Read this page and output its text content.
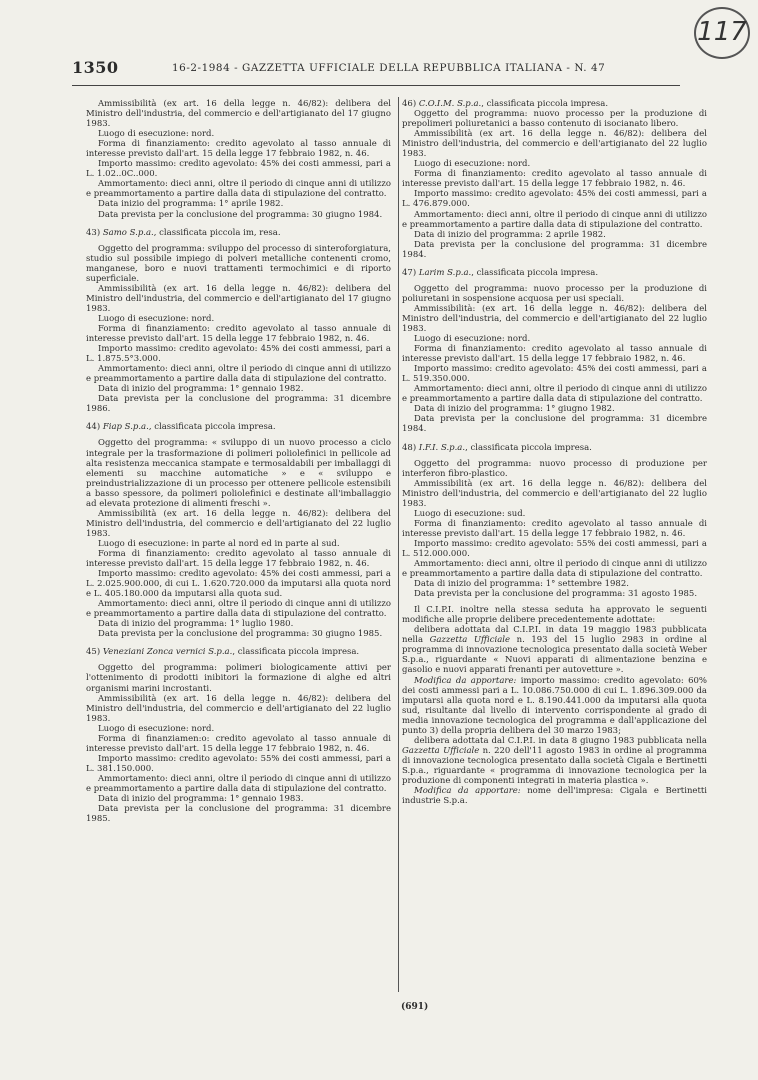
1350	16-2-1984 - GAZZETTA UFFICIALE DELLA REPUBBLICA ITALIANA - N. 47
117

Ammissibilità (ex art. 16 della legge n. 46/82): delibera del Ministro dell'industria, del commercio e dell'artigianato del 17 giugno 1983.

Luogo di esecuzione: nord.

Forma di finanziamento: credito agevolato al tasso annuale di interesse previsto dall'art. 15 della legge 17 febbraio 1982, n. 46.

Importo massimo: credito agevolato: 45% dei costi ammessi, pari a L. 1.02..0C..000.

Ammortamento: dieci anni, oltre il periodo di cinque anni di utilizzo e preammortamento a partire dalla data di stipulazione del contratto.

Data inizio del programma: 1° aprile 1982.

Data prevista per la conclusione del programma: 30 giugno 1984.

43) Samo S.p.a., classificata piccola im, resa.

Oggetto del programma: sviluppo del processo di sinteroforgiatura, studio sul possibile impiego di polveri metalliche contenenti cromo, manganese, boro e nuovi trattamenti termochimici e di riporto superficiale.

Ammissibilità (ex art. 16 della legge n. 46/82): delibera del Ministro dell'industria, del commercio e dell'artigianato del 17 giugno 1983.

Luogo di esecuzione: nord.

Forma di finanziamento: credito agevolato al tasso annuale di interesse previsto dall'art. 15 della legge 17 febbraio 1982, n. 46.

Importo massimo: credito agevolato: 45% dei costi ammessi, pari a L. 1.875.5°3.000.

Ammortamento: dieci anni, oltre il periodo di cinque anni di utilizzo e preammortamento a partire dalla data di stipulazione del contratto.

Data di inizio del programma: 1° gennaio 1982.

Data prevista per la conclusione del programma: 31 dicembre 1986.

44) Fiap S.p.a., classificata piccola impresa.

Oggetto del programma: « sviluppo di un nuovo processo a ciclo integrale per la trasformazione di polimeri poliolefinici in pellicole ad alta resistenza meccanica stampate e termosaldabili per imballaggi di elementi su macchine automatiche » e « sviluppo e preindustrializzazione di un processo per ottenere pellicole estensibili a basso spessore, da polimeri poliolefinici e destinate all'imballaggio ad elevata protezione di alimenti freschi ».

Ammissibilità (ex art. 16 della legge n. 46/82): delibera del Ministro dell'industria, del commercio e dell'artigianato del 22 luglio 1983.

Luogo di esecuzione: in parte al nord ed in parte al sud.

Forma di finanziamento: credito agevolato al tasso annuale di interesse previsto dall'art. 15 della legge 17 febbraio 1982, n. 46.

Importo massimo: credito agevolato: 45% dei costi ammessi, pari a L. 2.025.900.000, di cui L. 1.620.720.000 da imputarsi alla quota nord e L. 405.180.000 da imputarsi alla quota sud.

Ammortamento: dieci anni, oltre il periodo di cinque anni di utilizzo e preammortamento a partire dalla data di stipulazione del contratto.

Data di inizio del programma: 1° luglio 1980.

Data prevista per la conclusione del programma: 30 giugno 1985.

45) Veneziani Zonca vernici S.p.a., classificata piccola impresa.

Oggetto del programma: polimeri biologicamente attivi per l'ottenimento di prodotti inibitori la formazione di alghe ed altri organismi marini incrostanti.

Ammissibilità (ex art. 16 della legge n. 46/82): delibera del Ministro dell'industria, del commercio e dell'artigianato del 22 luglio 1983.

Luogo di esecuzione: nord.

Forma di finanziamen:o: credito agevolato al tasso annuale di interesse previsto dall'art. 15 della legge 17 febbraio 1982, n. 46.

Importo massimo: credito agevolato: 55% dei costi ammessi, pari a L. 381.150.000.

Ammortamento: dieci anni, oltre il periodo di cinque anni di utilizzo e preammortamento a partire dalla data di stipulazione del contratto.

Data di inizio del programma: 1° gennaio 1983.

Data prevista per la conclusione del programma: 31 dicembre 1985.

46) C.O.I.M. S.p.a., classificata piccola impresa.

Oggetto del programma: nuovo processo per la produzione di prepolimeri poliuretanici a basso contenuto di isocianato libero.

Ammissibilità (ex art. 16 della legge n. 46/82): delibera del Ministro dell'industria, del commercio e dell'artigianato del 22 luglio 1983.

Luogo di esecuzione: nord.

Forma di finanziamento: credito agevolato al tasso annuale di interesse previsto dall'art. 15 della legge 17 febbraio 1982, n. 46.

Importo massimo: credito agevolato: 45% dei costi ammessi, pari a L. 476.879.000.

Ammortamento: dieci anni, oltre il periodo di cinque anni di utilizzo e preammortamento a partire dalla data di stipulazione del contratto.

Data di inizio del programma: 2 aprile 1982.

Data prevista per la conclusione del programma: 31 dicembre 1984.

47) Larim S.p.a., classificata piccola impresa.

Oggetto del programma: nuovo processo per la produzione di poliuretani in sospensione acquosa per usi speciali.

Ammissibilità: (ex art. 16 della legge n. 46/82): delibera del Ministro dell'industria, del commercio e dell'artigianato del 22 luglio 1983.

Luogo di esecuzione: nord.

Forma di finanziamento: credito agevolato al tasso annuale di interesse previsto dall'art. 15 della legge 17 febbraio 1982, n. 46.

Importo massimo: credito agevolato: 45% dei costi ammessi, pari a L. 519.350.000.

Ammortamento: dieci anni, oltre il periodo di cinque anni di utilizzo e preammortamento a partire dalla data di stipulazione del contratto.

Data di inizio del programma: 1° giugno 1982.

Data prevista per la conclusione del programma: 31 dicembre 1984.

48) I.F.I. S.p.a., classificata piccola impresa.

Oggetto del programma: nuovo processo di produzione per interferon fibro-plastico.

Ammissibilità (ex art. 16 della legge n. 46/82): delibera del Ministro dell'industria, del commercio e dell'artigianato del 22 luglio 1983.

Luogo di esecuzione: sud.

Forma di finanziamento: credito agevolato al tasso annuale di interesse previsto dall'art. 15 della legge 17 febbraio 1982, n. 46.

Importo massimo: credito agevolato: 55% dei costi ammessi, pari a L. 512.000.000.

Ammortamento: dieci anni, oltre il periodo di cinque anni di utilizzo e preammortamento a partire dalla data di stipulazione del contratto.

Data di inizio del programma: 1° settembre 1982.

Data prevista per la conclusione del programma: 31 agosto 1985.

Il C.I.P.I. inoltre nella stessa seduta ha approvato le seguenti modifiche alle proprie delibere precedentemente adottate:

delibera adottata dal C.I.P.I. in data 19 maggio 1983 pubblicata nella Gazzetta Ufficiale n. 193 del 15 luglio 2983 in ordine al programma di innovazione tecnologica presentato dalla società Weber S.p.a., riguardante « Nuovi apparati di alimentazione benzina e gasolio e nuovi apparati frenanti per autovetture ».

Modifica da apportare: importo massimo: credito agevolato: 60% dei costi ammessi pari a L. 10.086.750.000 di cui L. 1.896.309.000 da imputarsi alla quota nord e L. 8.190.441.000 da imputarsi alla quota sud, risultante dal livello di intervento corrispondente al grado di media innovazione tecnologica del programma e dall'applicazione del punto 3) della propria delibera del 30 marzo 1983;

delibera adottata dal C.I.P.I. in data 8 giugno 1983 pubblicata nella Gazzetta Ufficiale n. 220 dell'11 agosto 1983 in ordine al programma di innovazione tecnologica presentato dalla società Cigala e Bertinetti S.p.a., riguardante « programma di innovazione tecnologica per la produzione di componenti integrati in materia plastica ».

Modifica da apportare: nome dell'impresa: Cigala e Bertinetti industrie S.p.a.

(691)
